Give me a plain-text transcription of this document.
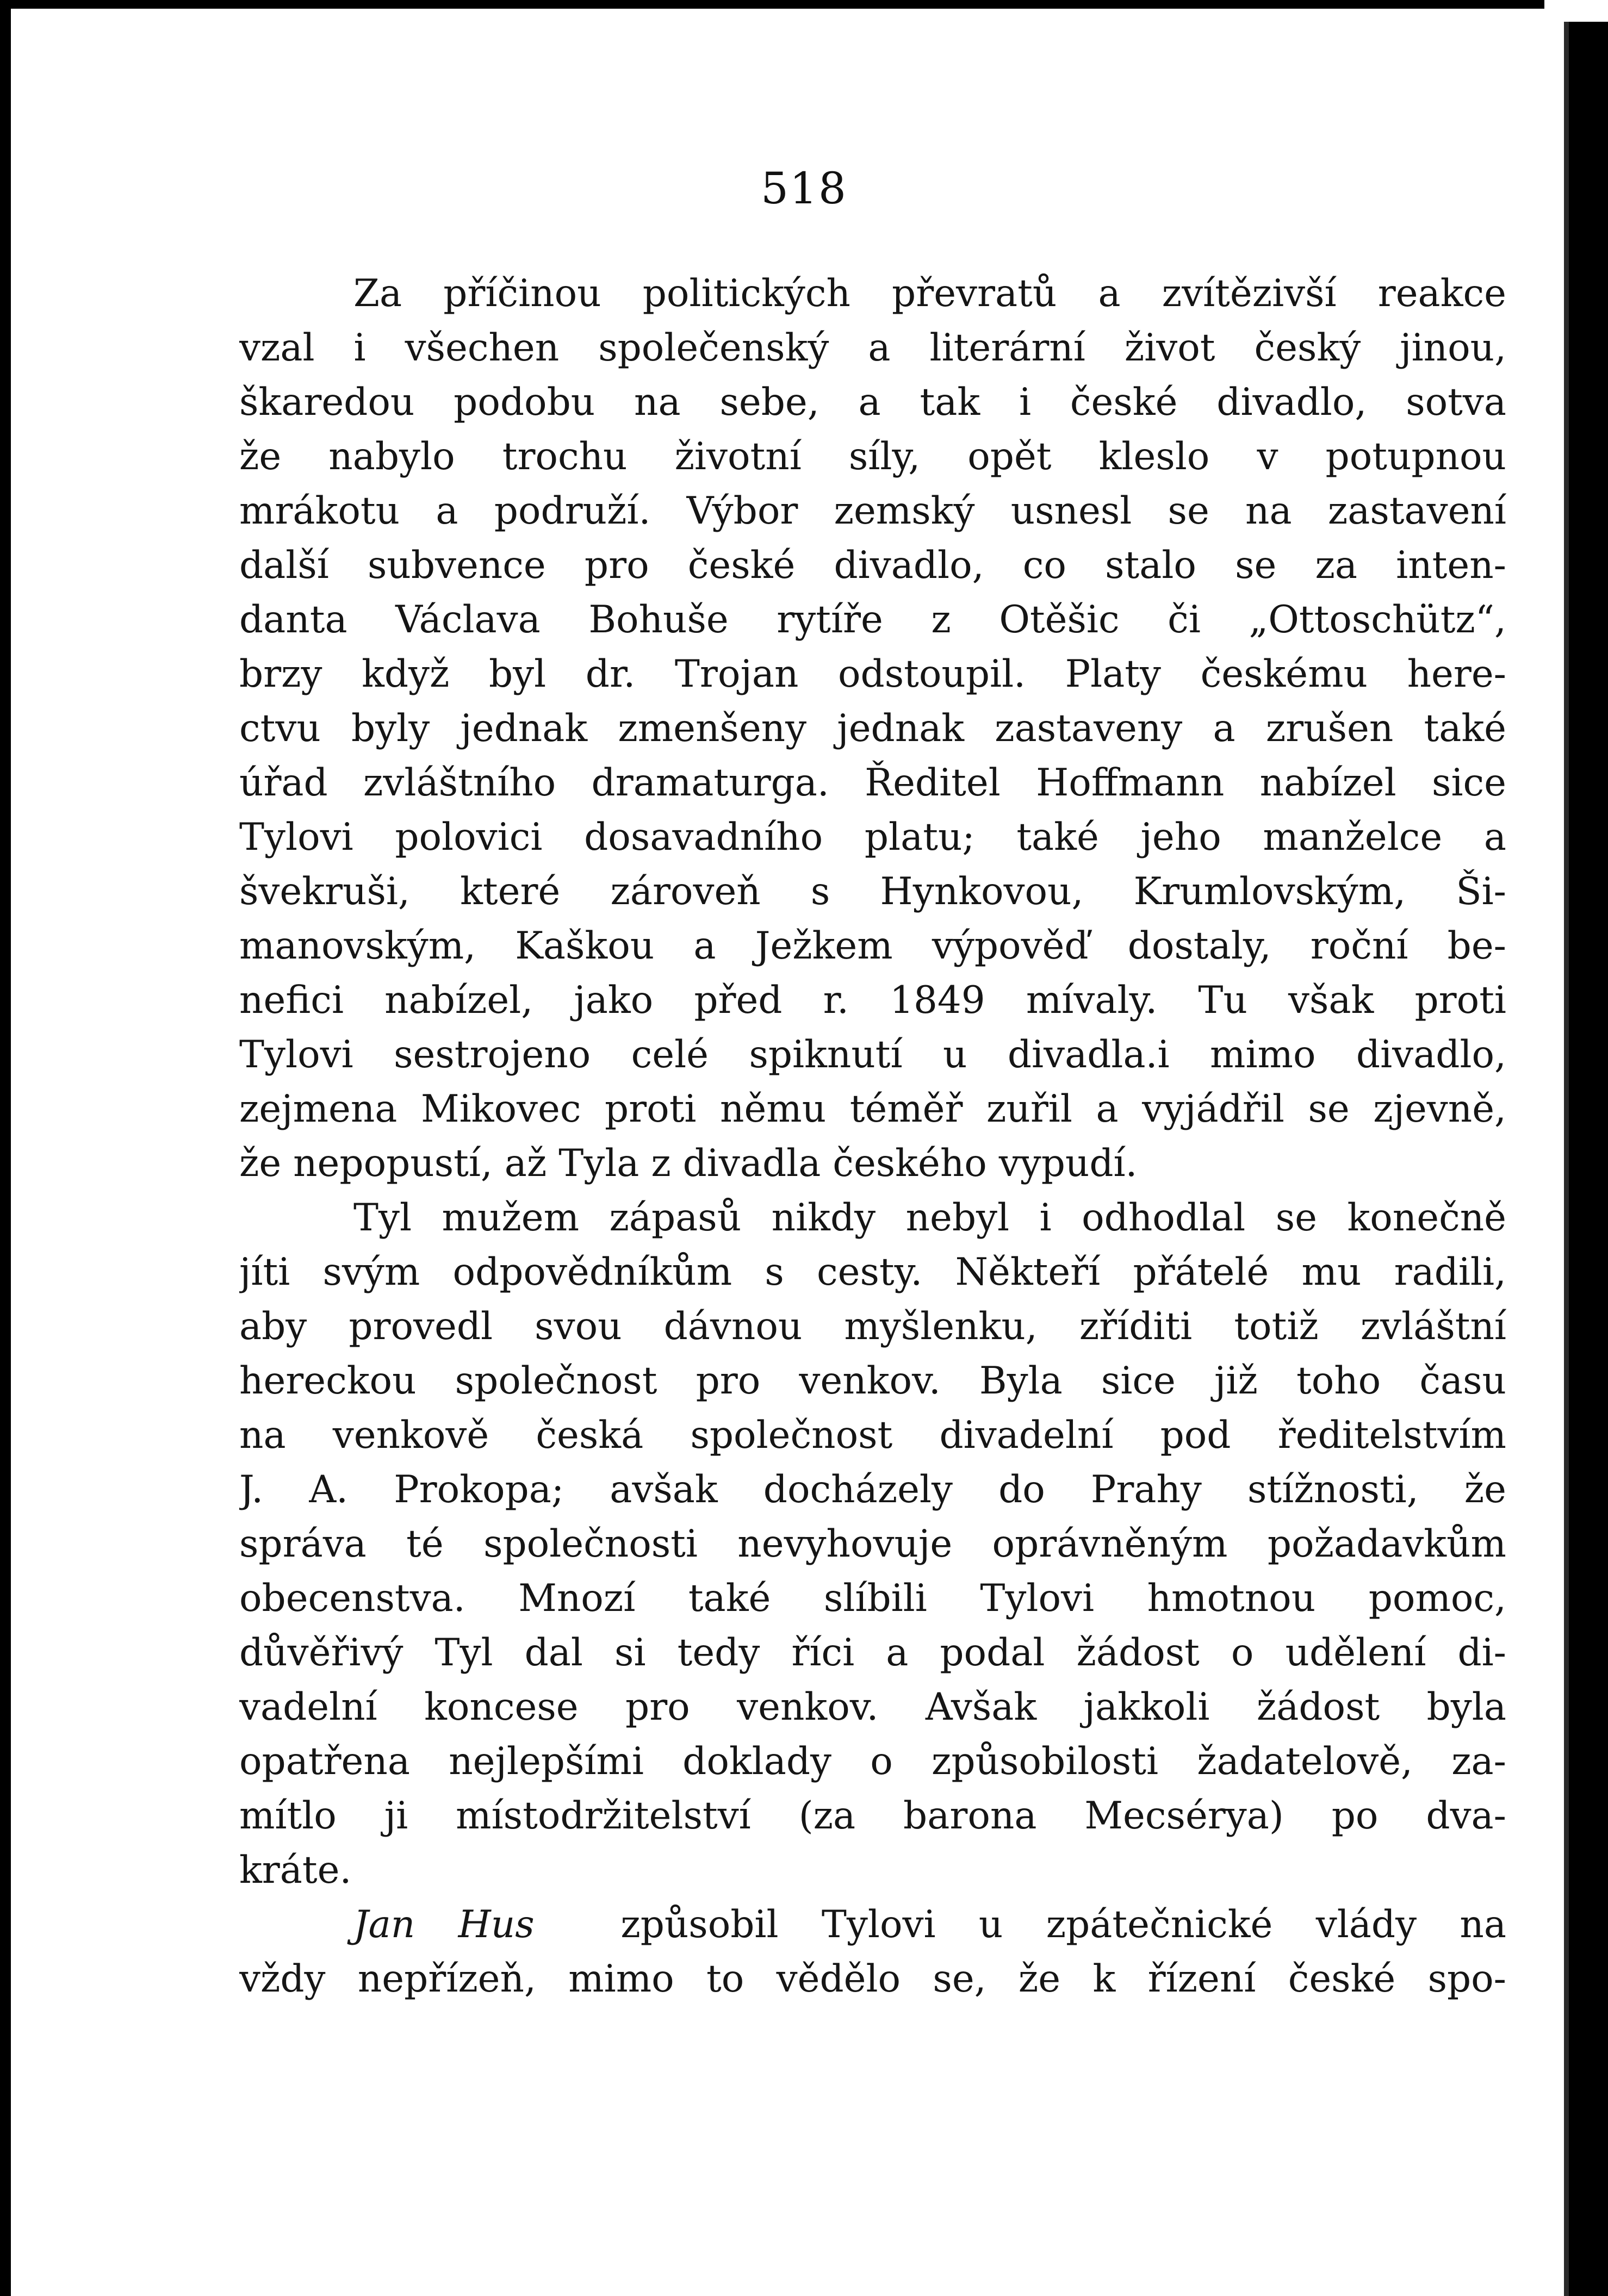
518
Za příčinou politických převratů a zvítězivší reakce
vzal i všechen společenský a literární život český jinou,
škaredou podobu na sebe, a tak i české divadlo, sotva
že nabylo trochu životní síly, opět kleslo v potupnou
mrákotu a podruží. Výbor zemský usnesl se na zastavení
další subvence pro české divadlo, co stalo se za inten-
danta Václava Bohuše rytíře z Otěšic či „Ottoschütz“,
brzy když byl dr. Trojan odstoupil. Platy českému here-
ctvu byly jednak zmenšeny jednak zastaveny a zrušen také
úřad zvláštního dramaturga. Ředitel Hoffmann nabízel sice
Tylovi polovici dosavadního platu; také jeho manželce a
švekruši, které zároveň s Hynkovou, Krumlovským, Ši-
manovským, Kaškou a Ježkem výpověď dostaly, roční be-
nefici nabízel, jako před r. 1849 mívaly. Tu však proti
Tylovi sestrojeno celé spiknutí u divadla.i mimo divadlo,
zejmena Mikovec proti němu téměř zuřil a vyjádřil se zjevně,
že nepopustí, až Tyla z divadla českého vypudí.
Tyl mužem zápasů nikdy nebyl i odhodlal se konečně
jíti svým odpovědníkům s cesty. Někteří přátelé mu radili,
aby provedl svou dávnou myšlenku, zříditi totiž zvláštní
hereckou společnost pro venkov. Byla sice již toho času
na venkově česká společnost divadelní pod ředitelstvím
J. A. Prokopa; avšak docházely do Prahy stížnosti, že
správa té společnosti nevyhovuje oprávněným požadavkům
obecenstva. Mnozí také slíbili Tylovi hmotnou pomoc,
důvěřivý Tyl dal si tedy říci a podal žádost o udělení di-
vadelní koncese pro venkov. Avšak jakkoli žádost byla
opatřena nejlepšími doklady o způsobilosti žadatelově, za-
mítlo ji místodržitelství (za barona Mecsérya) po dva-
kráte.
Jan Hus způsobil Tylovi u zpátečnické vlády na
vždy nepřízeň, mimo to vědělo se, že k řízení české spo-
